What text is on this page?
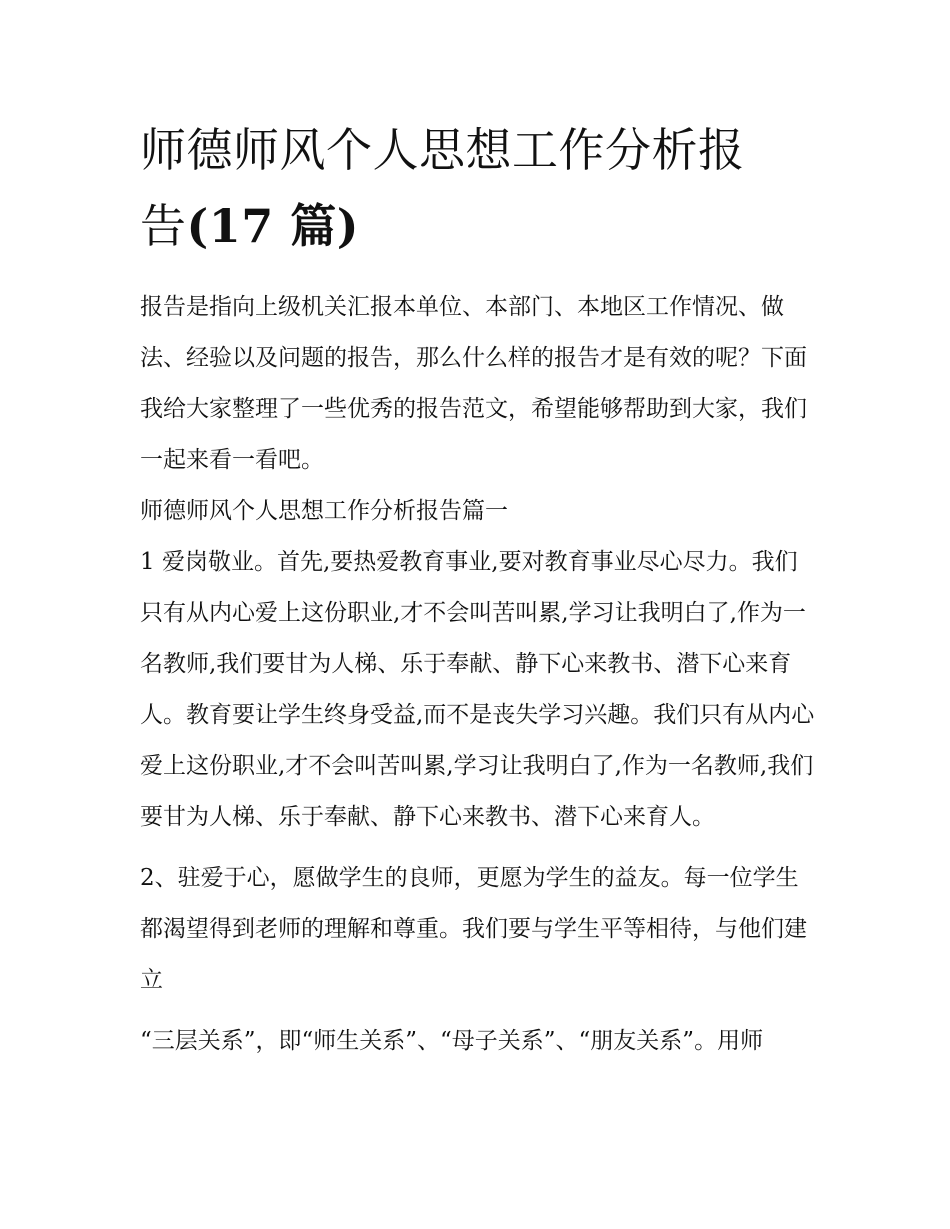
师德师风个人思想工作分析报
告(17 篇)

报告是指向上级机关汇报本单位、本部门、本地区工作情况、做法、经验以及问题的报告，那么什么样的报告才是有效的呢？下面我给大家整理了一些优秀的报告范文，希望能够帮助到大家，我们一起来看一看吧。

师德师风个人思想工作分析报告篇一

1 爱岗敬业。首先,要热爱教育事业,要对教育事业尽心尽力。我们只有从内心爱上这份职业,才不会叫苦叫累,学习让我明白了,作为一名教师,我们要甘为人梯、乐于奉献、静下心来教书、潜下心来育人。教育要让学生终身受益,而不是丧失学习兴趣。我们只有从内心爱上这份职业,才不会叫苦叫累,学习让我明白了,作为一名教师,我们要甘为人梯、乐于奉献、静下心来教书、潜下心来育人。

2、驻爱于心，愿做学生的良师，更愿为学生的益友。每一位学生都渴望得到老师的理解和尊重。我们要与学生平等相待，与他们建立

“三层关系”，即“师生关系”、“母子关系”、“朋友关系”。用师
